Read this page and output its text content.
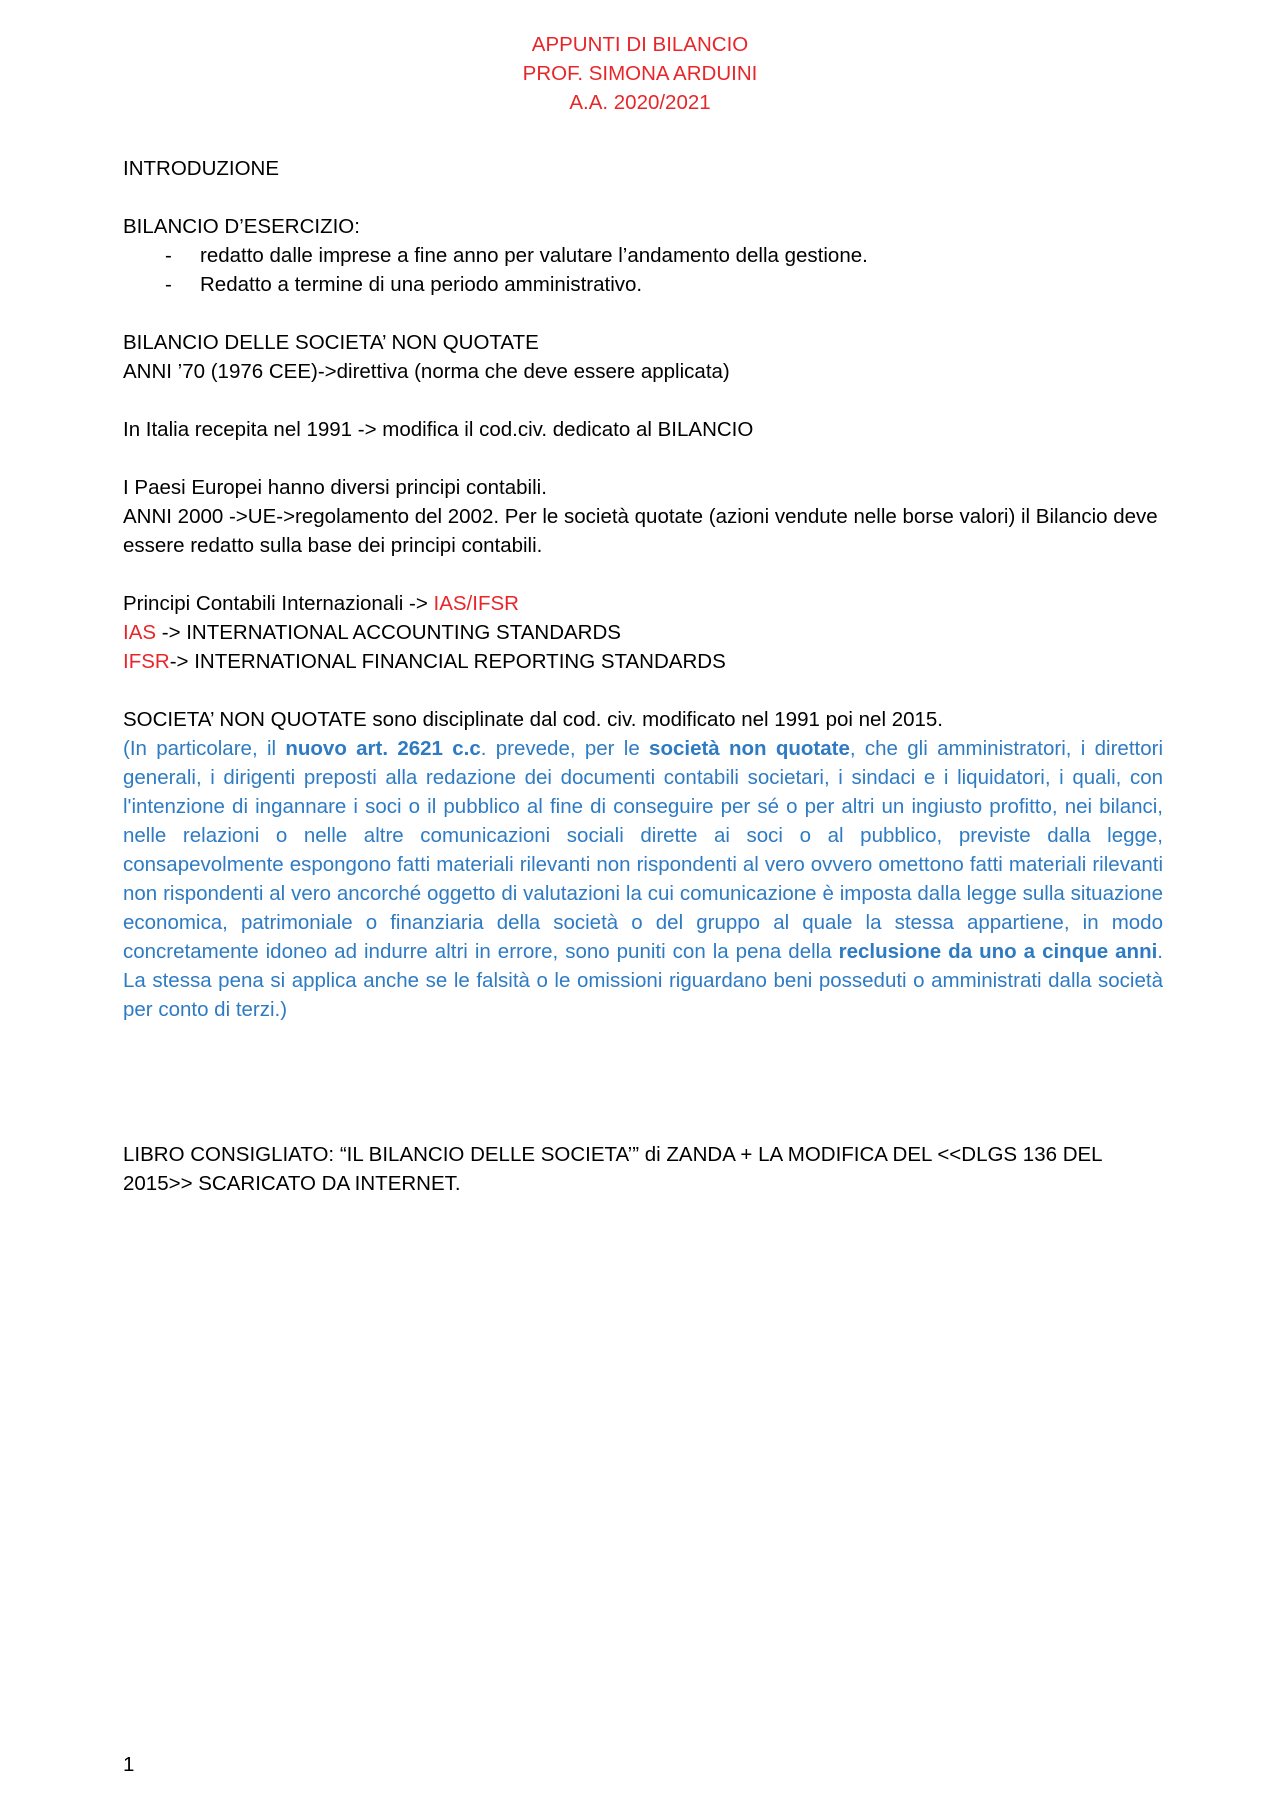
APPUNTI DI BILANCIO
PROF. SIMONA ARDUINI
A.A. 2020/2021
INTRODUZIONE
BILANCIO D’ESERCIZIO:
- redatto dalle imprese a fine anno per valutare l’andamento della gestione.
- Redatto a termine di una periodo amministrativo.
BILANCIO DELLE SOCIETA’ NON QUOTATE
ANNI ’70 (1976 CEE)->direttiva (norma che deve essere applicata)
In Italia recepita nel 1991 -> modifica il cod.civ. dedicato al BILANCIO
I Paesi Europei hanno diversi principi contabili.
ANNI 2000 ->UE->regolamento del 2002. Per le società quotate (azioni vendute nelle borse valori) il Bilancio deve essere redatto sulla base dei principi contabili.
Principi Contabili Internazionali -> IAS/IFSR
IAS -> INTERNATIONAL ACCOUNTING STANDARDS
IFSR-> INTERNATIONAL FINANCIAL REPORTING STANDARDS
SOCIETA’ NON QUOTATE sono disciplinate dal cod. civ. modificato nel 1991 poi nel 2015.
(In particolare, il nuovo art. 2621 c.c. prevede, per le società non quotate, che gli amministratori, i direttori generali, i dirigenti preposti alla redazione dei documenti contabili societari, i sindaci e i liquidatori, i quali, con l'intenzione di ingannare i soci o il pubblico al fine di conseguire per sé o per altri un ingiusto profitto, nei bilanci, nelle relazioni o nelle altre comunicazioni sociali dirette ai soci o al pubblico, previste dalla legge, consapevolmente espongono fatti materiali rilevanti non rispondenti al vero ovvero omettono fatti materiali rilevanti non rispondenti al vero ancorché oggetto di valutazioni la cui comunicazione è imposta dalla legge sulla situazione economica, patrimoniale o finanziaria della società o del gruppo al quale la stessa appartiene, in modo concretamente idoneo ad indurre altri in errore, sono puniti con la pena della reclusione da uno a cinque anni. La stessa pena si applica anche se le falsità o le omissioni riguardano beni posseduti o amministrati dalla società per conto di terzi.)
LIBRO CONSIGLIATO: “IL BILANCIO DELLE SOCIETA’” di ZANDA + LA MODIFICA DEL <<DLGS 136 DEL 2015>> SCARICATO DA INTERNET.
1
